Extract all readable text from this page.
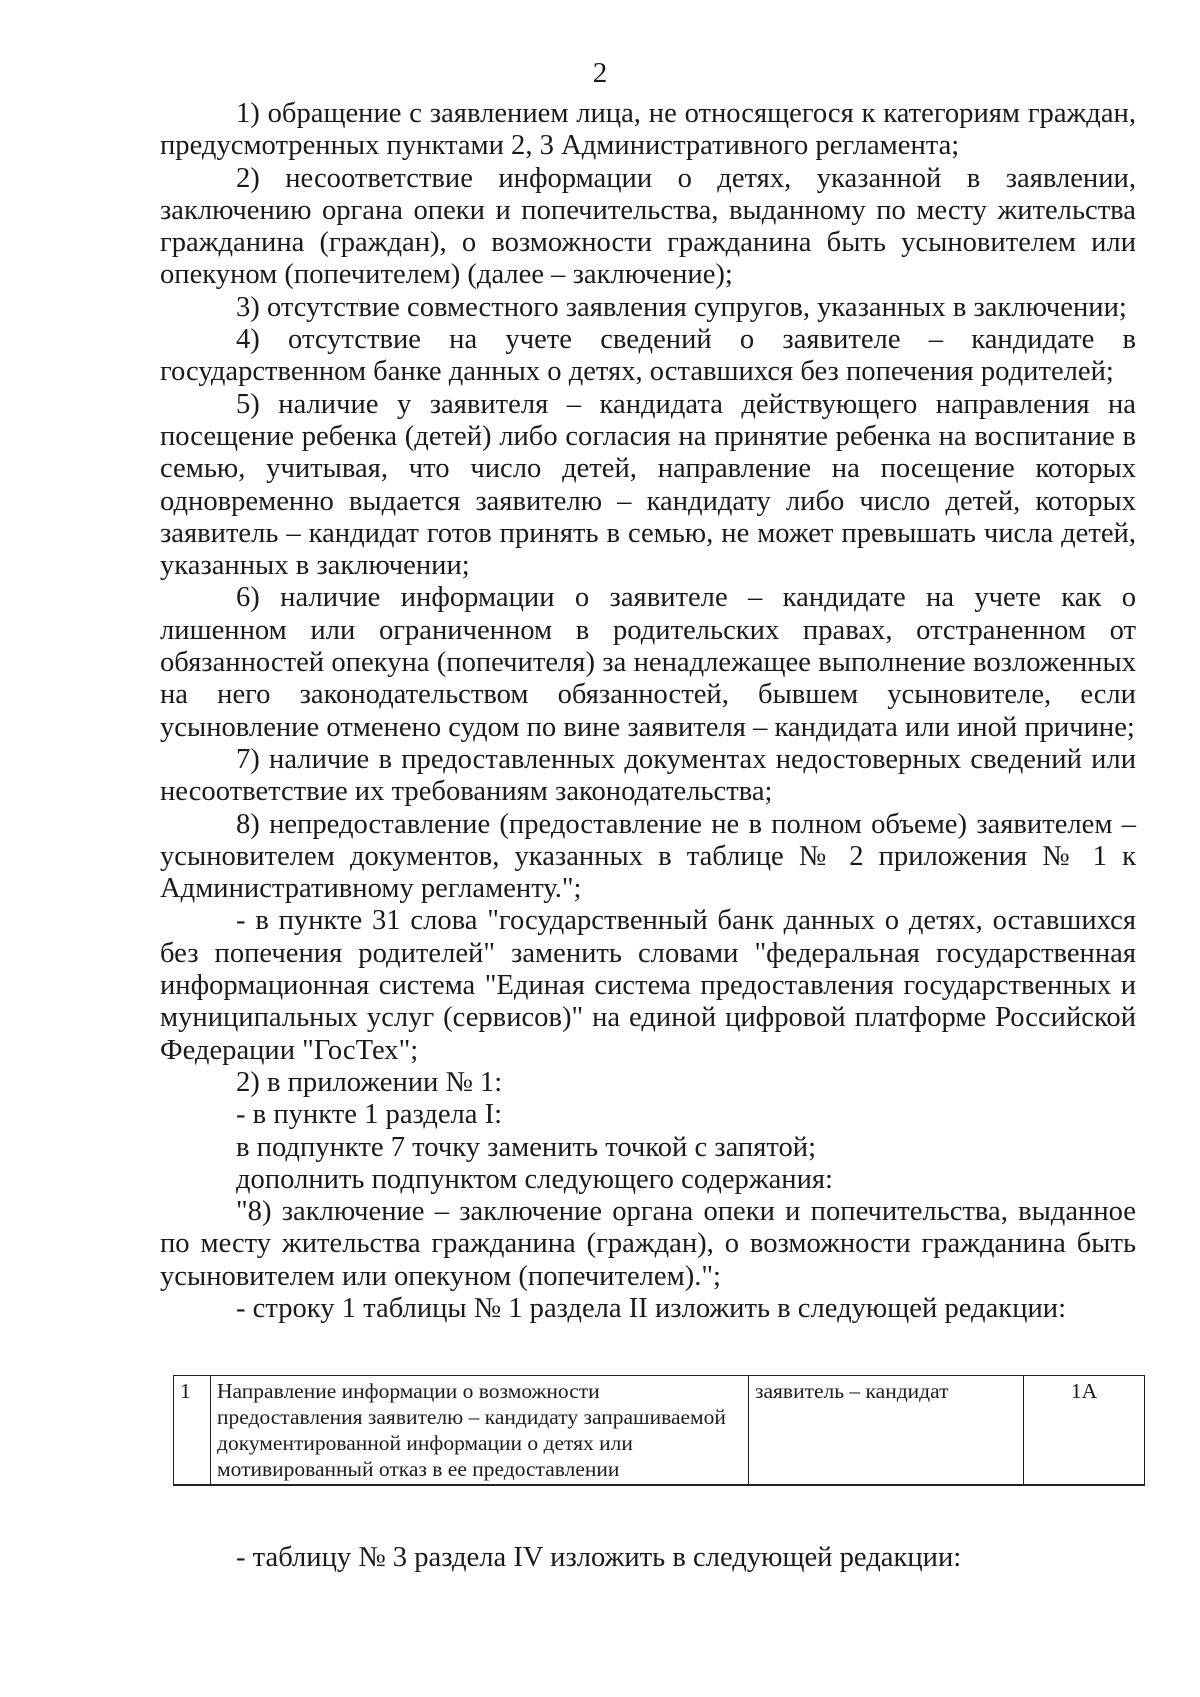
2

1) обращение с заявлением лица, не относящегося к категориям граждан, предусмотренных пунктами 2, 3 Административного регламента;

2) несоответствие информации о детях, указанной в заявлении, заключению органа опеки и попечительства, выданному по месту жительства гражданина (граждан), о возможности гражданина быть усыновителем или опекуном (попечителем) (далее – заключение);

3) отсутствие совместного заявления супругов, указанных в заключении;

4) отсутствие на учете сведений о заявителе – кандидате в государственном банке данных о детях, оставшихся без попечения родителей;

5) наличие у заявителя – кандидата действующего направления на посещение ребенка (детей) либо согласия на принятие ребенка на воспитание в семью, учитывая, что число детей, направление на посещение которых одновременно выдается заявителю – кандидату либо число детей, которых заявитель – кандидат готов принять в семью, не может превышать числа детей, указанных в заключении;

6) наличие информации о заявителе – кандидате на учете как о лишенном или ограниченном в родительских правах, отстраненном от обязанностей опекуна (попечителя) за ненадлежащее выполнение возложенных на него законодательством обязанностей, бывшем усыновителе, если усыновление отменено судом по вине заявителя – кандидата или иной причине;

7) наличие в предоставленных документах недостоверных сведений или несоответствие их требованиям законодательства;

8) непредоставление (предоставление не в полном объеме) заявителем – усыновителем документов, указанных в таблице № 2 приложения № 1 к Административному регламенту.";

- в пункте 31 слова "государственный банк данных о детях, оставшихся без попечения родителей" заменить словами "федеральная государственная информационная система "Единая система предоставления государственных и муниципальных услуг (сервисов)" на единой цифровой платформе Российской Федерации "ГосТех";

2) в приложении № 1:

- в пункте 1 раздела I:

в подпункте 7 точку заменить точкой с запятой;

дополнить подпунктом следующего содержания:

"8) заключение – заключение органа опеки и попечительства, выданное по месту жительства гражданина (граждан), о возможности гражданина быть усыновителем или опекуном (попечителем).";

- строку 1 таблицы № 1 раздела II изложить в следующей редакции:

1	Направление информации о возможности предоставления заявителю – кандидату запрашиваемой документированной информации о детях или мотивированный отказ в ее предоставлении	заявитель – кандидат	1А
- таблицу № 3 раздела IV изложить в следующей редакции:
